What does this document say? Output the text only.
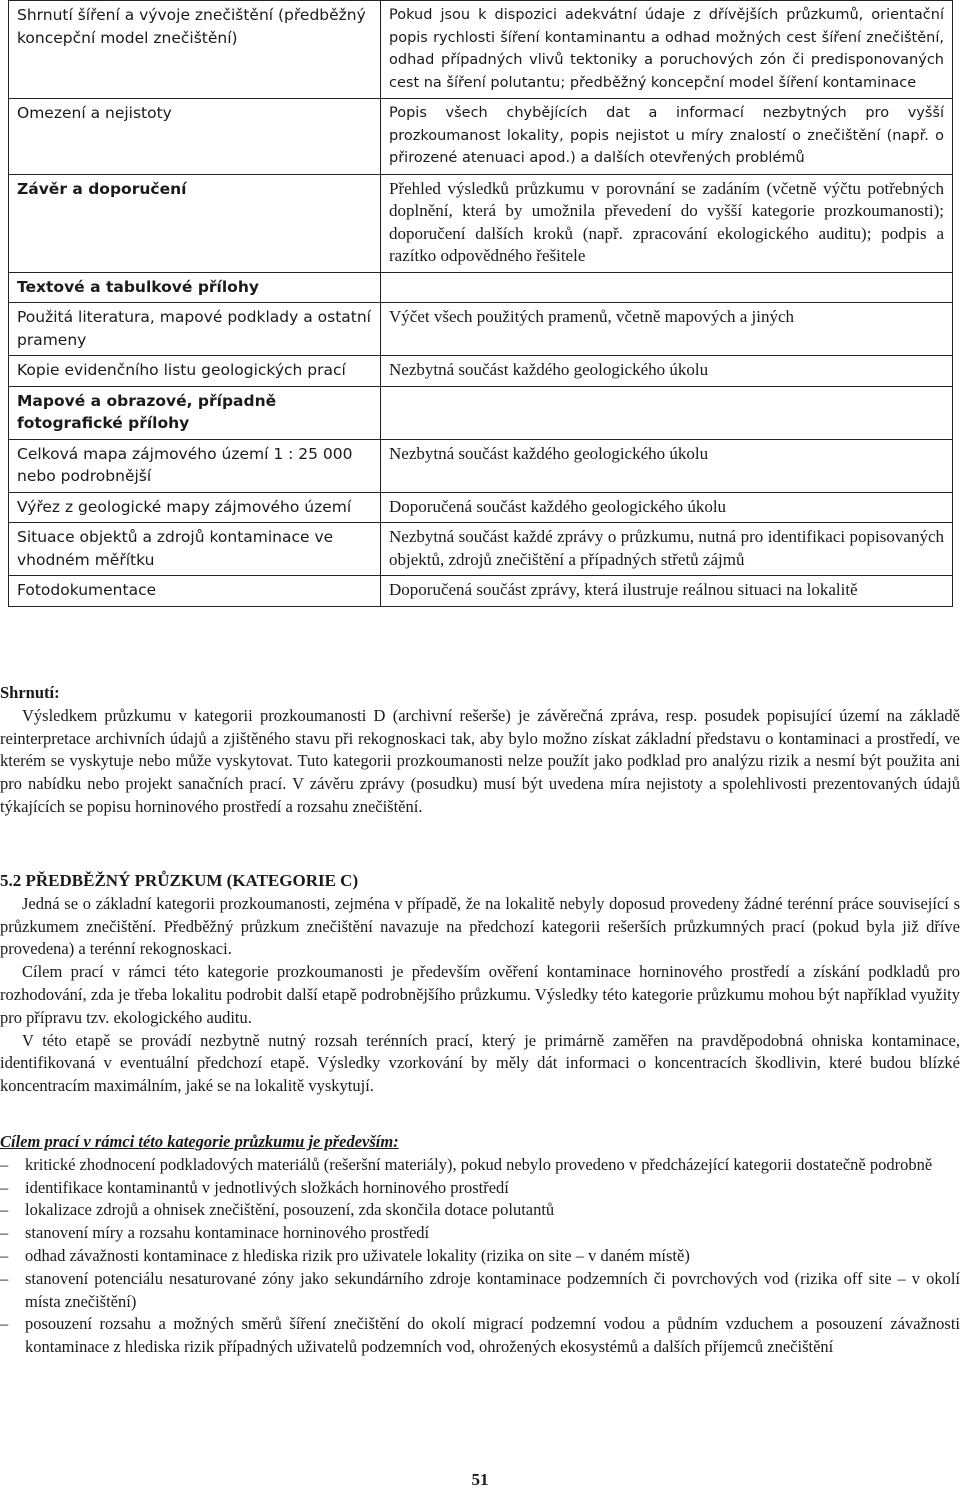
Shrnutí šíření a vývoje znečištění (předběžný koncepční model znečištění)	Pokud jsou k dispozici adekvátní údaje z dřívějších průzkumů, orientační popis rychlosti šíření kontaminantu a odhad možných cest šíření znečištění, odhad případných vlivů tektoniky a poruchových zón či predisponovaných cest na šíření polutantu; předběžný koncepční model šíření kontaminace
Omezení a nejistoty	Popis všech chybějících dat a informací nezbytných pro vyšší prozkoumanost lokality, popis nejistot u míry znalostí o znečištění (např. o přirozené atenuaci apod.) a dalších otevřených problémů
Závěr a doporučení	Přehled výsledků průzkumu v porovnání se zadáním (včetně výčtu potřebných doplnění, která by umožnila převedení do vyšší kategorie prozkoumanosti); doporučení dalších kroků (např. zpracování ekologického auditu); podpis a razítko odpovědného řešitele
Textové a tabulkové přílohy	
Použitá literatura, mapové podklady a ostatní prameny	Výčet všech použitých pramenů, včetně mapových a jiných
Kopie evidenčního listu geologických prací	Nezbytná součást každého geologického úkolu
Mapové a obrazové, případně fotografické přílohy	
Celková mapa zájmového území 1 : 25 000 nebo podrobnější	Nezbytná součást každého geologického úkolu
Výřez z geologické mapy zájmového území	Doporučená součást každého geologického úkolu
Situace objektů a zdrojů kontaminace ve vhodném měřítku	Nezbytná součást každé zprávy o průzkumu, nutná pro identifikaci popisovaných objektů, zdrojů znečištění a případných střetů zájmů
Fotodokumentace	Doporučená součást zprávy, která ilustruje reálnou situaci na lokalitě

Shrnutí:

Výsledkem průzkumu v kategorii prozkoumanosti D (archivní rešerše) je závěrečná zpráva, resp. posudek popisující území na základě reinterpretace archivních údajů a zjištěného stavu při rekognoskaci tak, aby bylo možno získat základní představu o kontaminaci a prostředí, ve kterém se vyskytuje nebo může vyskytovat. Tuto kategorii prozkoumanosti nelze použít jako podklad pro analýzu rizik a nesmí být použita ani pro nabídku nebo projekt sanačních prací. V závěru zprávy (posudku) musí být uvedena míra nejistoty a spolehlivosti prezentovaných údajů týkajících se popisu horninového prostředí a rozsahu znečištění.

5.2 PŘEDBĚŽNÝ PRŮZKUM (KATEGORIE C)

Jedná se o základní kategorii prozkoumanosti, zejména v případě, že na lokalitě nebyly doposud provedeny žádné terénní práce související s průzkumem znečištění. Předběžný průzkum znečištění navazuje na předchozí kategorii rešerších průzkumných prací (pokud byla již dříve provedena) a terénní rekognoskaci.

Cílem prací v rámci této kategorie prozkoumanosti je především ověření kontaminace horninového prostředí a získání podkladů pro rozhodování, zda je třeba lokalitu podrobit další etapě podrobnějšího průzkumu. Výsledky této kategorie průzkumu mohou být například využity pro přípravu tzv. ekologického auditu.

V této etapě se provádí nezbytně nutný rozsah terénních prací, který je primárně zaměřen na pravděpodobná ohniska kontaminace, identifikovaná v eventuální předchozí etapě. Výsledky vzorkování by měly dát informaci o koncentracích škodlivin, které budou blízké koncentracím maximálním, jaké se na lokalitě vyskytují.

Cílem prací v rámci této kategorie průzkumu je především:

– kritické zhodnocení podkladových materiálů (rešeršní materiály), pokud nebylo provedeno v předcházející kategorii dostatečně podrobně
– identifikace kontaminantů v jednotlivých složkách horninového prostředí
– lokalizace zdrojů a ohnisek znečištění, posouzení, zda skončila dotace polutantů
– stanovení míry a rozsahu kontaminace horninového prostředí
– odhad závažnosti kontaminace z hlediska rizik pro uživatele lokality (rizika on site – v daném místě)
– stanovení potenciálu nesaturované zóny jako sekundárního zdroje kontaminace podzemních či povrchových vod (rizika off site – v okolí místa znečištění)
– posouzení rozsahu a možných směrů šíření znečištění do okolí migrací podzemní vodou a půdním vzduchem a posouzení závažnosti kontaminace z hlediska rizik případných uživatelů podzemních vod, ohrožených ekosystémů a dalších příjemců znečištění
51
